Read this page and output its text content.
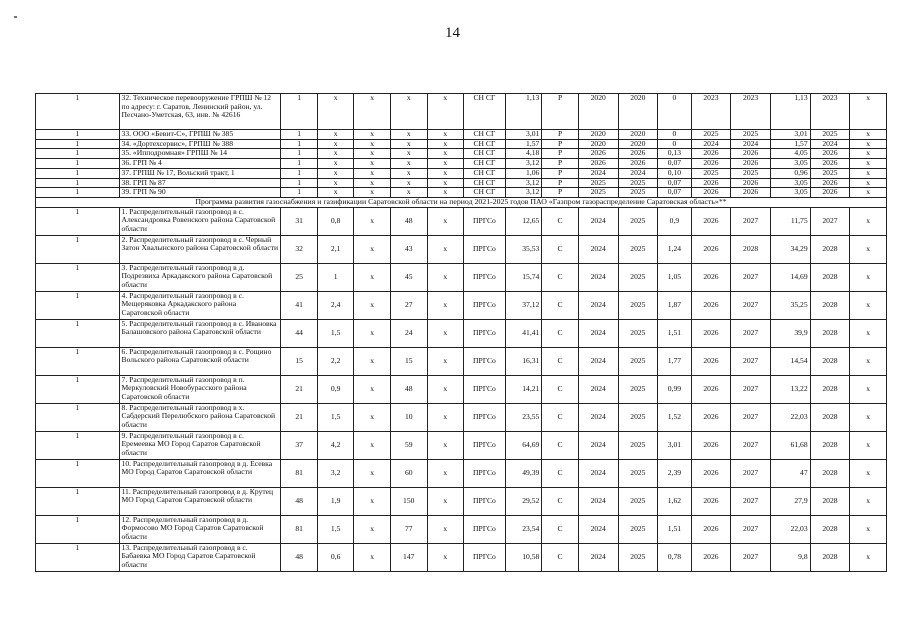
14
1	32. Техническое перевооружение ГРПШ № 12 по адресу: г. Саратов, Ленинский район, ул. Песчано-Уметская, 63, инв. № 42616	1	х	х	х	х	СН СГ	1,13	Р	2020	2020	0	2023	2023	1,13	2023	х
1	33. ООО «Бевит-С», ГРПШ № 385	1	х	х	х	х	СН СГ	3,01	Р	2020	2020	0	2025	2025	3,01	2025	х
1	34. «Дортехсервис», ГРПШ № 388	1	х	х	х	х	СН СГ	1,57	Р	2020	2020	0	2024	2024	1,57	2024	х
1	35. «Ипподромная» ГРПШ № 14	1	х	х	х	х	СН СГ	4,18	Р	2026	2026	0,13	2026	2026	4,05	2026	х
1	36. ГРП № 4	1	х	х	х	х	СН СГ	3,12	Р	2026	2026	0,07	2026	2026	3,05	2026	х
1	37. ГРПШ № 17, Вольский тракт, 1	1	х	х	х	х	СН СГ	1,06	Р	2024	2024	0,10	2025	2025	0,96	2025	х
1	38. ГРП № 87	1	х	х	х	х	СН СГ	3,12	Р	2025	2025	0,07	2026	2026	3,05	2026	х
1	39. ГРП № 90	1	х	х	х	х	СН СГ	3,12	Р	2025	2025	0,07	2026	2026	3,05	2026	х
Программа развития газоснабжения и газификации Саратовской области на период 2021-2025 годов ПАО «Газпром газораспределение Саратовская область»**																	
1	1. Распределительный газопровод в с. Александровка Ровенского района Саратовской области	31	0,8	х	48	х	ПРГСо	12,65	С	2024	2025	0,9	2026	2027	11,75	2027	х
1	2. Распределительный газопровод в с. Черный Затон Хвалынского района Саратовской области	32	2,1	х	43	х	ПРГСо	35,53	С	2024	2025	1,24	2026	2028	34,29	2028	х
1	3. Распределительный газопровод в д. Подрезвиха Аркадакского района Саратовской области	25	1	х	45	х	ПРГСо	15,74	С	2024	2025	1,05	2026	2027	14,69	2028	х
1	4. Распределительный газопровод в с. Мещеряковка Аркадакского района Саратовской области	41	2,4	х	27	х	ПРГСо	37,12	С	2024	2025	1,87	2026	2027	35,25	2028	х
1	5. Распределительный газопровод в с. Ивановка Балашовского района Саратовской области	44	1,5	х	24	х	ПРГСо	41,41	С	2024	2025	1,51	2026	2027	39,9	2028	х
1	6. Распределительный газопровод в с. Рощино Вольского района Саратовской области	15	2,2	х	15	х	ПРГСо	16,31	С	2024	2025	1,77	2026	2027	14,54	2028	х
1	7. Распределительный газопровод в п. Меркуловский Новобурасского района Саратовской области	21	0,9	х	48	х	ПРГСо	14,21	С	2024	2025	0,99	2026	2027	13,22	2028	х
1	8. Распределительный газопровод в х. Сабдерский Перелюбского района Саратовской области	21	1,5	х	10	х	ПРГСо	23,55	С	2024	2025	1,52	2026	2027	22,03	2028	х
1	9. Распределительный газопровод в с. Еремеевка МО Город Саратов Саратовской области	37	4,2	х	59	х	ПРГСо	64,69	С	2024	2025	3,01	2026	2027	61,68	2028	х
1	10. Распределительный газопровод в д. Есевка МО Город Саратов Саратовской области	81	3,2	х	60	х	ПРГСо	49,39	С	2024	2025	2,39	2026	2027	47	2028	х
1	11. Распределительный газопровод в д. Крутец МО Город Саратов Саратовской области	48	1,9	х	150	х	ПРГСо	29,52	С	2024	2025	1,62	2026	2027	27,9	2028	х
1	12. Распределительный газопровод в д. Формосово МО Город Саратов Саратовской области	81	1,5	х	77	х	ПРГСо	23,54	С	2024	2025	1,51	2026	2027	22,03	2028	х
1	13. Распределительный газопровод в с. Бабаевка МО Город Саратов Саратовской области	48	0,6	х	147	х	ПРГСо	10,58	С	2024	2025	0,78	2026	2027	9,8	2028	х
